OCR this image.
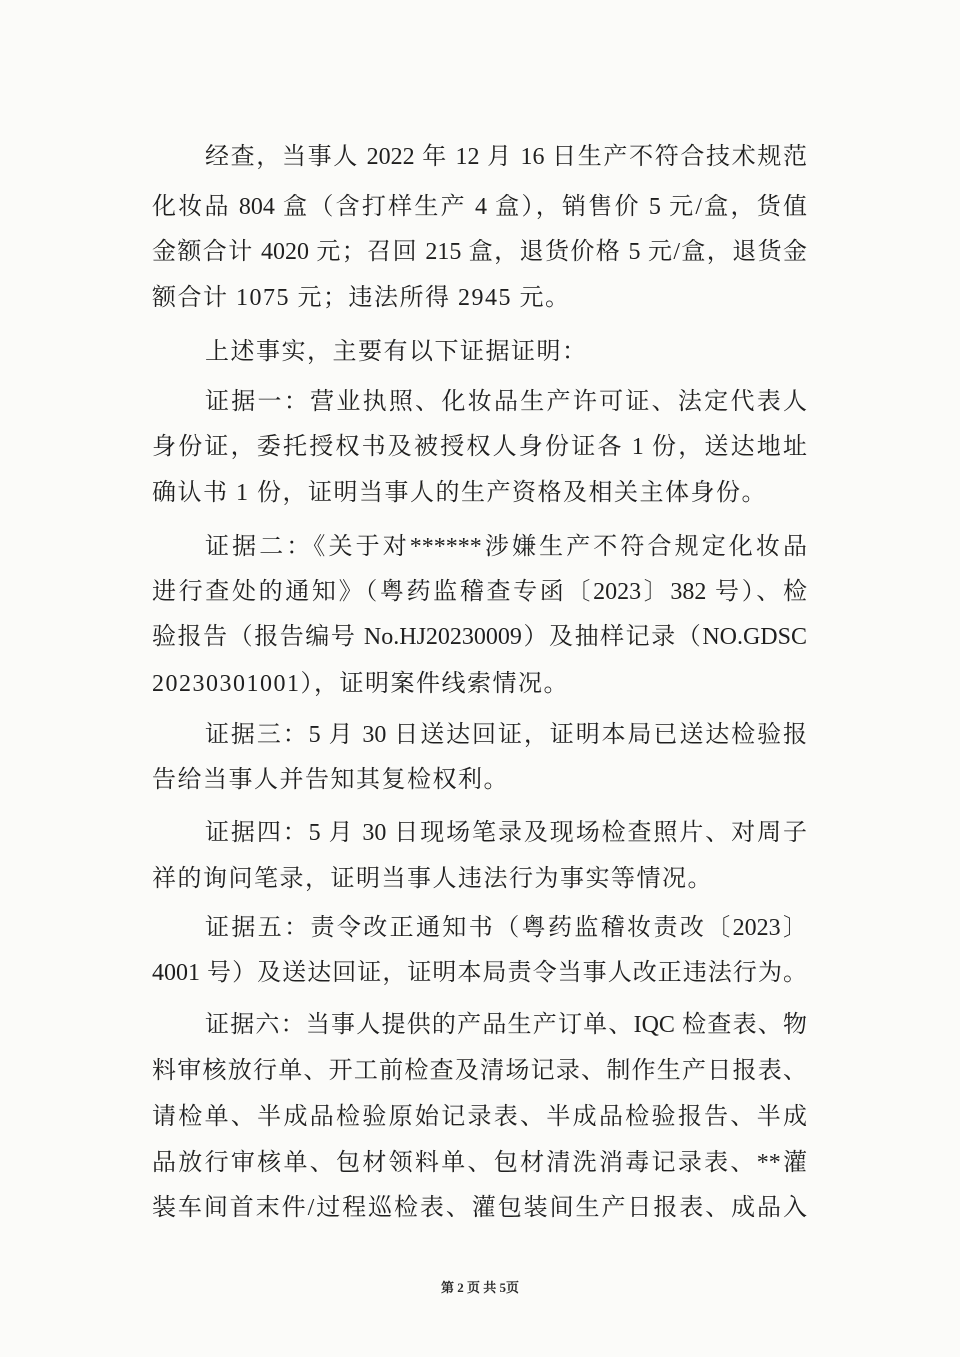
经查，当事人 2022 年 12 月 16 日生产不符合技术规范
化妆品 804 盒（含打样生产 4 盒），销售价 5 元/盒，货值
金额合计 4020 元；召回 215 盒，退货价格 5 元/盒，退货金
额合计 1075 元；违法所得 2945 元。
上述事实，主要有以下证据证明：
证据一：营业执照、化妆品生产许可证、法定代表人
身份证，委托授权书及被授权人身份证各 1 份，送达地址
确认书 1 份，证明当事人的生产资格及相关主体身份。
证据二：《关于对******涉嫌生产不符合规定化妆品
进行查处的通知》（粤药监稽查专函〔2023〕382 号）、检
验报告（报告编号 No.HJ20230009）及抽样记录（NO.GDSC
20230301001），证明案件线索情况。
证据三：5 月 30 日送达回证，证明本局已送达检验报
告给当事人并告知其复检权利。
证据四：5 月 30 日现场笔录及现场检查照片、对周子
祥的询问笔录，证明当事人违法行为事实等情况。
证据五：责令改正通知书（粤药监稽妆责改〔2023〕
4001 号）及送达回证，证明本局责令当事人改正违法行为。
证据六：当事人提供的产品生产订单、IQC 检查表、物
料审核放行单、开工前检查及清场记录、制作生产日报表、
请检单、半成品检验原始记录表、半成品检验报告、半成
品放行审核单、包材领料单、包材清洗消毒记录表、**灌
装车间首末件/过程巡检表、灌包装间生产日报表、成品入
第 2 页 共 5页
